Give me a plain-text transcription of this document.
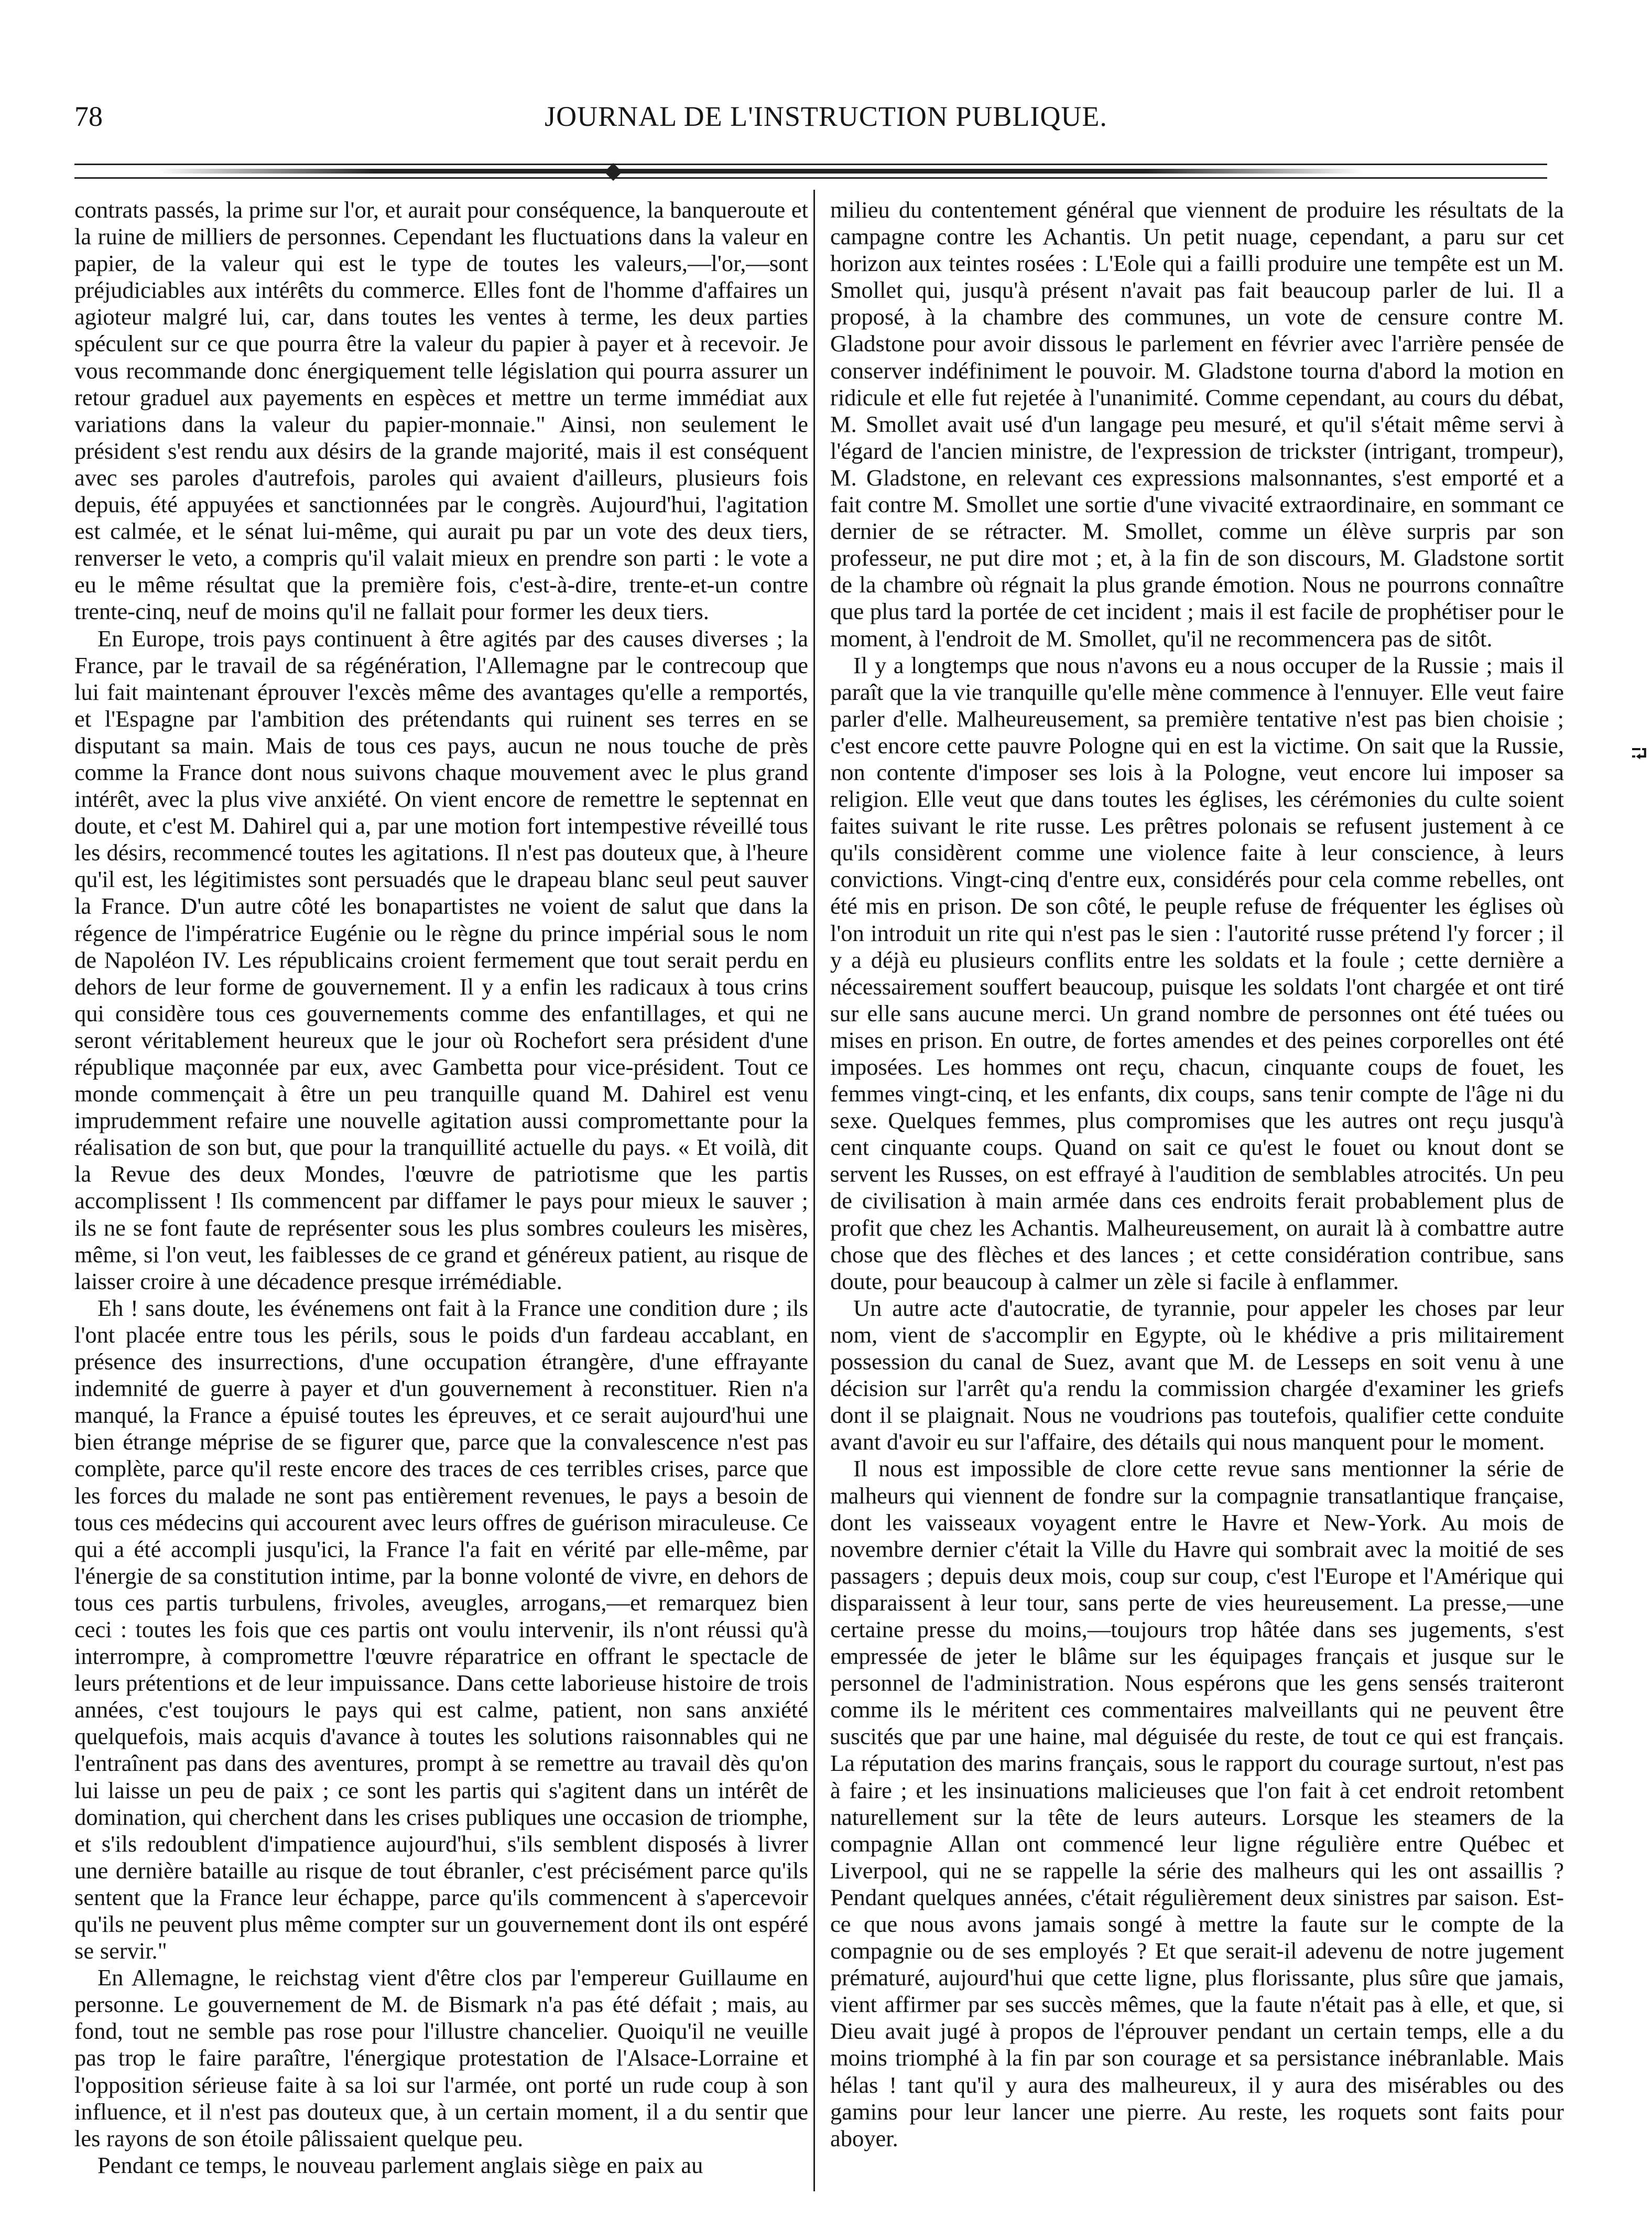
78	JOURNAL DE L'INSTRUCTION PUBLIQUE.

contrats passés, la prime sur l'or, et aurait pour conséquence, la banqueroute et la ruine de milliers de personnes. Cependant les fluctuations dans la valeur en papier, de la valeur qui est le type de toutes les valeurs,—l'or,—sont préjudiciables aux intérêts du commerce. Elles font de l'homme d'affaires un agioteur malgré lui, car, dans toutes les ventes à terme, les deux parties spéculent sur ce que pourra être la valeur du papier à payer et à recevoir. Je vous recommande donc énergiquement telle législation qui pourra assurer un retour graduel aux payements en espèces et mettre un terme immédiat aux variations dans la valeur du papier-monnaie." Ainsi, non seulement le président s'est rendu aux désirs de la grande majorité, mais il est conséquent avec ses paroles d'autrefois, paroles qui avaient d'ailleurs, plusieurs fois depuis, été appuyées et sanctionnées par le congrès. Aujourd'hui, l'agitation est calmée, et le sénat lui-même, qui aurait pu par un vote des deux tiers, renverser le veto, a compris qu'il valait mieux en prendre son parti : le vote a eu le même résultat que la première fois, c'est-à-dire, trente-et-un contre trente-cinq, neuf de moins qu'il ne fallait pour former les deux tiers.

En Europe, trois pays continuent à être agités par des causes diverses ; la France, par le travail de sa régénération, l'Allemagne par le contrecoup que lui fait maintenant éprouver l'excès même des avantages qu'elle a remportés, et l'Espagne par l'ambition des prétendants qui ruinent ses terres en se disputant sa main. Mais de tous ces pays, aucun ne nous touche de près comme la France dont nous suivons chaque mouvement avec le plus grand intérêt, avec la plus vive anxiété. On vient encore de remettre le septennat en doute, et c'est M. Dahirel qui a, par une motion fort intempestive réveillé tous les désirs, recommencé toutes les agitations. Il n'est pas douteux que, à l'heure qu'il est, les légitimistes sont persuadés que le drapeau blanc seul peut sauver la France. D'un autre côté les bonapartistes ne voient de salut que dans la régence de l'impératrice Eugénie ou le règne du prince impérial sous le nom de Napoléon IV. Les républicains croient fermement que tout serait perdu en dehors de leur forme de gouvernement. Il y a enfin les radicaux à tous crins qui considère tous ces gouvernements comme des enfantillages, et qui ne seront véritablement heureux que le jour où Rochefort sera président d'une république maçonnée par eux, avec Gambetta pour vice-président. Tout ce monde commençait à être un peu tranquille quand M. Dahirel est venu imprudemment refaire une nouvelle agitation aussi compromettante pour la réalisation de son but, que pour la tranquillité actuelle du pays. « Et voilà, dit la Revue des deux Mondes, l'œuvre de patriotisme que les partis accomplissent ! Ils commencent par diffamer le pays pour mieux le sauver ; ils ne se font faute de représenter sous les plus sombres couleurs les misères, même, si l'on veut, les faiblesses de ce grand et généreux patient, au risque de laisser croire à une décadence presque irrémédiable.

Eh ! sans doute, les événemens ont fait à la France une condition dure ; ils l'ont placée entre tous les périls, sous le poids d'un fardeau accablant, en présence des insurrections, d'une occupation étrangère, d'une effrayante indemnité de guerre à payer et d'un gouvernement à reconstituer. Rien n'a manqué, la France a épuisé toutes les épreuves, et ce serait aujourd'hui une bien étrange méprise de se figurer que, parce que la convalescence n'est pas complète, parce qu'il reste encore des traces de ces terribles crises, parce que les forces du malade ne sont pas entièrement revenues, le pays a besoin de tous ces médecins qui accourent avec leurs offres de guérison miraculeuse. Ce qui a été accompli jusqu'ici, la France l'a fait en vérité par elle-même, par l'énergie de sa constitution intime, par la bonne volonté de vivre, en dehors de tous ces partis turbulens, frivoles, aveugles, arrogans,—et remarquez bien ceci : toutes les fois que ces partis ont voulu intervenir, ils n'ont réussi qu'à interrompre, à compromettre l'œuvre réparatrice en offrant le spectacle de leurs prétentions et de leur impuissance. Dans cette laborieuse histoire de trois années, c'est toujours le pays qui est calme, patient, non sans anxiété quelquefois, mais acquis d'avance à toutes les solutions raisonnables qui ne l'entraînent pas dans des aventures, prompt à se remettre au travail dès qu'on lui laisse un peu de paix ; ce sont les partis qui s'agitent dans un intérêt de domination, qui cherchent dans les crises publiques une occasion de triomphe, et s'ils redoublent d'impatience aujourd'hui, s'ils semblent disposés à livrer une dernière bataille au risque de tout ébranler, c'est précisément parce qu'ils sentent que la France leur échappe, parce qu'ils commencent à s'apercevoir qu'ils ne peuvent plus même compter sur un gouvernement dont ils ont espéré se servir."

En Allemagne, le reichstag vient d'être clos par l'empereur Guillaume en personne. Le gouvernement de M. de Bismark n'a pas été défait ; mais, au fond, tout ne semble pas rose pour l'illustre chancelier. Quoiqu'il ne veuille pas trop le faire paraître, l'énergique protestation de l'Alsace-Lorraine et l'opposition sérieuse faite à sa loi sur l'armée, ont porté un rude coup à son influence, et il n'est pas douteux que, à un certain moment, il a du sentir que les rayons de son étoile pâlissaient quelque peu.

Pendant ce temps, le nouveau parlement anglais siège en paix au

milieu du contentement général que viennent de produire les résultats de la campagne contre les Achantis. Un petit nuage, cependant, a paru sur cet horizon aux teintes rosées : L'Eole qui a failli produire une tempête est un M. Smollet qui, jusqu'à présent n'avait pas fait beaucoup parler de lui. Il a proposé, à la chambre des communes, un vote de censure contre M. Gladstone pour avoir dissous le parlement en février avec l'arrière pensée de conserver indéfiniment le pouvoir. M. Gladstone tourna d'abord la motion en ridicule et elle fut rejetée à l'unanimité. Comme cependant, au cours du débat, M. Smollet avait usé d'un langage peu mesuré, et qu'il s'était même servi à l'égard de l'ancien ministre, de l'expression de trickster (intrigant, trompeur), M. Gladstone, en relevant ces expressions malsonnantes, s'est emporté et a fait contre M. Smollet une sortie d'une vivacité extraordinaire, en sommant ce dernier de se rétracter. M. Smollet, comme un élève surpris par son professeur, ne put dire mot ; et, à la fin de son discours, M. Gladstone sortit de la chambre où régnait la plus grande émotion. Nous ne pourrons connaître que plus tard la portée de cet incident ; mais il est facile de prophétiser pour le moment, à l'endroit de M. Smollet, qu'il ne recommencera pas de sitôt.

Il y a longtemps que nous n'avons eu a nous occuper de la Russie ; mais il paraît que la vie tranquille qu'elle mène commence à l'ennuyer. Elle veut faire parler d'elle. Malheureusement, sa première tentative n'est pas bien choisie ; c'est encore cette pauvre Pologne qui en est la victime. On sait que la Russie, non contente d'imposer ses lois à la Pologne, veut encore lui imposer sa religion. Elle veut que dans toutes les églises, les cérémonies du culte soient faites suivant le rite russe. Les prêtres polonais se refusent justement à ce qu'ils considèrent comme une violence faite à leur conscience, à leurs convictions. Vingt-cinq d'entre eux, considérés pour cela comme rebelles, ont été mis en prison. De son côté, le peuple refuse de fréquenter les églises où l'on introduit un rite qui n'est pas le sien : l'autorité russe prétend l'y forcer ; il y a déjà eu plusieurs conflits entre les soldats et la foule ; cette dernière a nécessairement souffert beaucoup, puisque les soldats l'ont chargée et ont tiré sur elle sans aucune merci. Un grand nombre de personnes ont été tuées ou mises en prison. En outre, de fortes amendes et des peines corporelles ont été imposées. Les hommes ont reçu, chacun, cinquante coups de fouet, les femmes vingt-cinq, et les enfants, dix coups, sans tenir compte de l'âge ni du sexe. Quelques femmes, plus compromises que les autres ont reçu jusqu'à cent cinquante coups. Quand on sait ce qu'est le fouet ou knout dont se servent les Russes, on est effrayé à l'audition de semblables atrocités. Un peu de civilisation à main armée dans ces endroits ferait probablement plus de profit que chez les Achantis. Malheureusement, on aurait là à combattre autre chose que des flèches et des lances ; et cette considération contribue, sans doute, pour beaucoup à calmer un zèle si facile à enflammer.

Un autre acte d'autocratie, de tyrannie, pour appeler les choses par leur nom, vient de s'accomplir en Egypte, où le khédive a pris militairement possession du canal de Suez, avant que M. de Lesseps en soit venu à une décision sur l'arrêt qu'a rendu la commission chargée d'examiner les griefs dont il se plaignait. Nous ne voudrions pas toutefois, qualifier cette conduite avant d'avoir eu sur l'affaire, des détails qui nous manquent pour le moment.

Il nous est impossible de clore cette revue sans mentionner la série de malheurs qui viennent de fondre sur la compagnie transatlantique française, dont les vaisseaux voyagent entre le Havre et New-York. Au mois de novembre dernier c'était la Ville du Havre qui sombrait avec la moitié de ses passagers ; depuis deux mois, coup sur coup, c'est l'Europe et l'Amérique qui disparaissent à leur tour, sans perte de vies heureusement. La presse,—une certaine presse du moins,—toujours trop hâtée dans ses jugements, s'est empressée de jeter le blâme sur les équipages français et jusque sur le personnel de l'administration. Nous espérons que les gens sensés traiteront comme ils le méritent ces commentaires malveillants qui ne peuvent être suscités que par une haine, mal déguisée du reste, de tout ce qui est français. La réputation des marins français, sous le rapport du courage surtout, n'est pas à faire ; et les insinuations malicieuses que l'on fait à cet endroit retombent naturellement sur la tête de leurs auteurs. Lorsque les steamers de la compagnie Allan ont commencé leur ligne régulière entre Québec et Liverpool, qui ne se rappelle la série des malheurs qui les ont assaillis ? Pendant quelques années, c'était régulièrement deux sinistres par saison. Est-ce que nous avons jamais songé à mettre la faute sur le compte de la compagnie ou de ses employés ? Et que serait-il adevenu de notre jugement prématuré, aujourd'hui que cette ligne, plus florissante, plus sûre que jamais, vient affirmer par ses succès mêmes, que la faute n'était pas à elle, et que, si Dieu avait jugé à propos de l'éprouver pendant un certain temps, elle a du moins triomphé à la fin par son courage et sa persistance inébranlable. Mais hélas ! tant qu'il y aura des malheureux, il y aura des misérables ou des gamins pour leur lancer une pierre. Au reste, les roquets sont faits pour aboyer.

⮒
